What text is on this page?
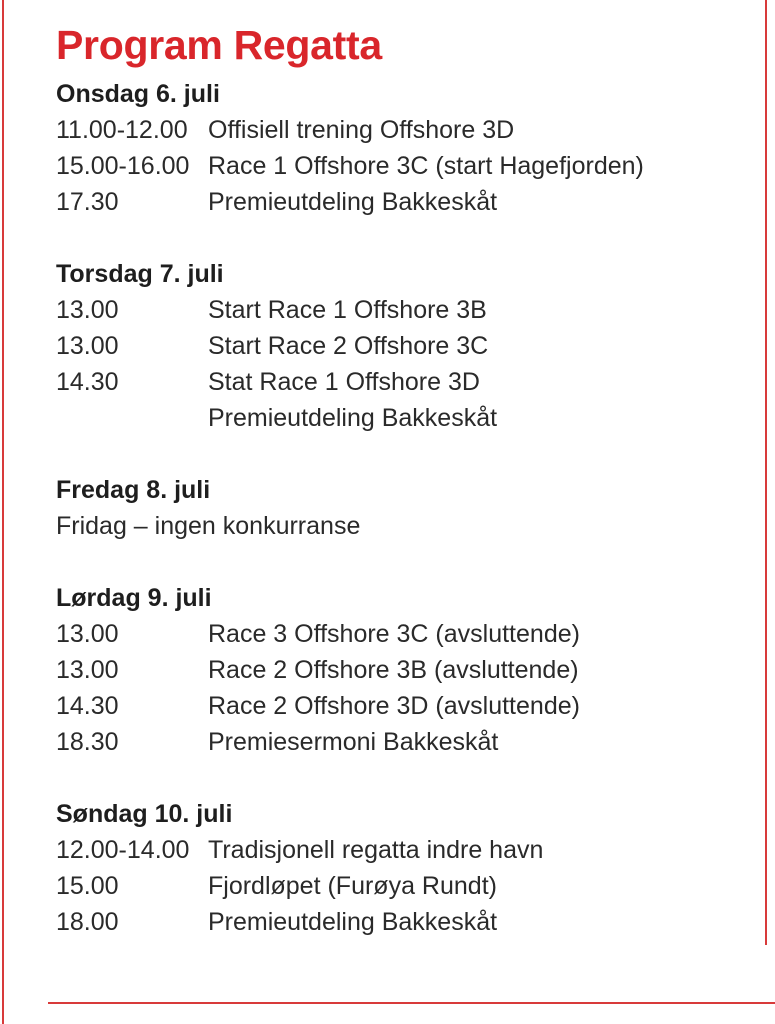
Program Regatta
Onsdag 6. juli
11.00-12.00 Offisiell trening Offshore 3D
15.00-16.00 Race 1 Offshore 3C (start Hagefjorden)
17.30	Premieutdeling Bakkeskåt
Torsdag 7. juli
13.00	Start Race 1 Offshore 3B
13.00	Start Race 2 Offshore 3C
14.30	Stat Race 1 Offshore 3D
Premieutdeling Bakkeskåt
Fredag 8. juli
Fridag – ingen konkurranse
Lørdag 9. juli
13.00	Race 3 Offshore 3C (avsluttende)
13.00	Race 2 Offshore 3B (avsluttende)
14.30	Race 2 Offshore 3D (avsluttende)
18.30	Premiesermoni Bakkeskåt
Søndag 10. juli
12.00-14.00 Tradisjonell regatta indre havn
15.00	Fjordløpet (Furøya Rundt)
18.00	Premieutdeling Bakkeskåt
